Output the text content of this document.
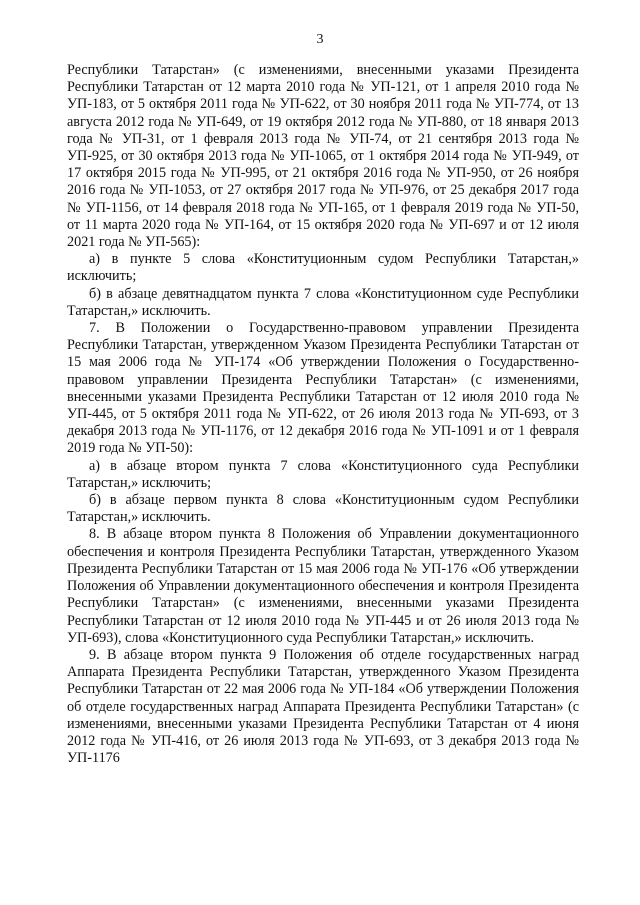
3

Республики Татарстан» (с изменениями, внесенными указами Президента Республики Татарстан от 12 марта 2010 года № УП-121, от 1 апреля 2010 года № УП-183, от 5 октября 2011 года № УП-622, от 30 ноября 2011 года № УП-774, от 13 августа 2012 года № УП-649, от 19 октября 2012 года № УП-880, от 18 января 2013 года № УП-31, от 1 февраля 2013 года № УП-74, от 21 сентября 2013 года № УП-925, от 30 октября 2013 года № УП-1065, от 1 октября 2014 года № УП-949, от 17 октября 2015 года № УП-995, от 21 октября 2016 года № УП-950, от 26 ноября 2016 года № УП-1053, от 27 октября 2017 года № УП-976, от 25 декабря 2017 года № УП-1156, от 14 февраля 2018 года № УП-165, от 1 февраля 2019 года № УП-50, от 11 марта 2020 года № УП-164, от 15 октября 2020 года № УП-697 и от 12 июля 2021 года № УП-565):

а) в пункте 5 слова «Конституционным судом Республики Татарстан,» исключить;

б) в абзаце девятнадцатом пункта 7 слова «Конституционном суде Республики Татарстан,» исключить.

7. В Положении о Государственно-правовом управлении Президента Республики Татарстан, утвержденном Указом Президента Республики Татарстан от 15 мая 2006 года № УП-174 «Об утверждении Положения о Государственно-правовом управлении Президента Республики Татарстан» (с изменениями, внесенными указами Президента Республики Татарстан от 12 июля 2010 года № УП-445, от 5 октября 2011 года № УП-622, от 26 июля 2013 года № УП-693, от 3 декабря 2013 года № УП-1176, от 12 декабря 2016 года № УП-1091 и от 1 февраля 2019 года № УП-50):

а) в абзаце втором пункта 7 слова «Конституционного суда Республики Татарстан,» исключить;

б) в абзаце первом пункта 8 слова «Конституционным судом Республики Татарстан,» исключить.

8. В абзаце втором пункта 8 Положения об Управлении документационного обеспечения и контроля Президента Республики Татарстан, утвержденного Указом Президента Республики Татарстан от 15 мая 2006 года № УП-176 «Об утверждении Положения об Управлении документационного обеспечения и контроля Президента Республики Татарстан» (с изменениями, внесенными указами Президента Республики Татарстан от 12 июля 2010 года № УП-445 и от 26 июля 2013 года № УП-693), слова «Конституционного суда Республики Татарстан,» исключить.

9. В абзаце втором пункта 9 Положения об отделе государственных наград Аппарата Президента Республики Татарстан, утвержденного Указом Президента Республики Татарстан от 22 мая 2006 года № УП-184 «Об утверждении Положения об отделе государственных наград Аппарата Президента Республики Татарстан» (с изменениями, внесенными указами Президента Республики Татарстан от 4 июня 2012 года № УП-416, от 26 июля 2013 года № УП-693, от 3 декабря 2013 года № УП-1176
